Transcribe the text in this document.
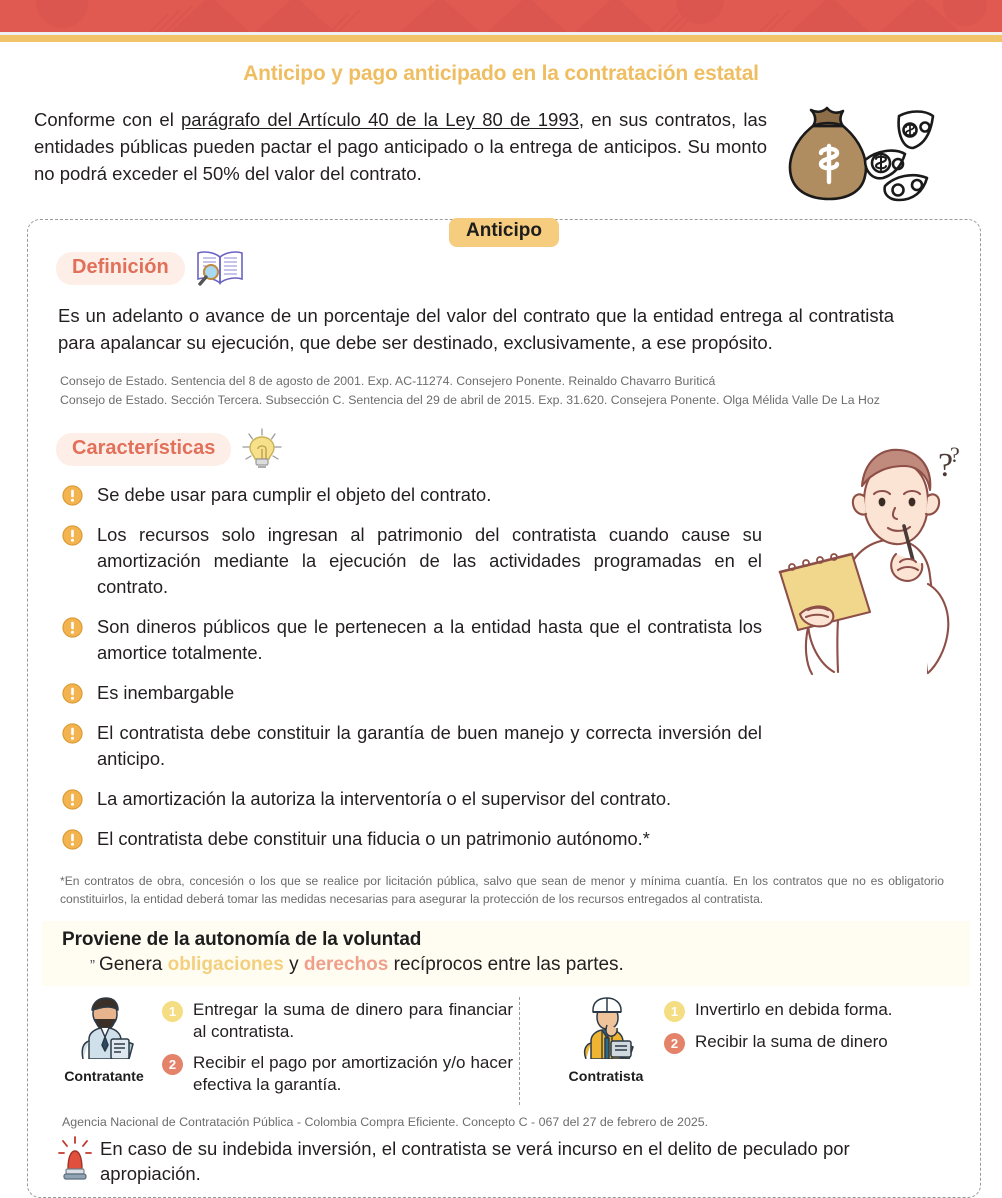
Anticipo y pago anticipado en la contratación estatal
Conforme con el parágrafo del Artículo 40 de la Ley 80 de 1993, en sus contratos, las entidades públicas pueden pactar el pago anticipado o la entrega de anticipos. Su monto no podrá exceder el 50% del valor del contrato.
Anticipo
Definición
Es un adelanto o avance de un porcentaje del valor del contrato que la entidad entrega al contratista para apalancar su ejecución, que debe ser destinado, exclusivamente, a ese propósito.
Consejo de Estado. Sentencia del 8 de agosto de 2001. Exp. AC-11274. Consejero Ponente. Reinaldo Chavarro Buriticá
Consejo de Estado. Sección Tercera. Subsección C. Sentencia del 29 de abril de 2015. Exp. 31.620. Consejera Ponente. Olga Mélida Valle De La Hoz
Características	?
?
Se debe usar para cumplir el objeto del contrato.
Los recursos solo ingresan al patrimonio del contratista cuando cause su amortización mediante la ejecución de las actividades programadas en el contrato.
Son dineros públicos que le pertenecen a la entidad hasta que el contratista los amortice totalmente.
Es inembargable
El contratista debe constituir la garantía de buen manejo y correcta inversión del anticipo.
La amortización la autoriza la interventoría o el supervisor del contrato.
El contratista debe constituir una fiducia o un patrimonio autónomo.*
*En contratos de obra, concesión o los que se realice por licitación pública, salvo que sean de menor y mínima cuantía. En los contratos que no es obligatorio constituirlos, la entidad deberá tomar las medidas necesarias para asegurar la protección de los recursos entregados al contratista.
Proviene de la autonomía de la voluntad
” Genera obligaciones y derechos recíprocos entre las partes.
Contratante
1 Entregar la suma de dinero para financiar al contratista.
2 Recibir el pago por amortización y/o hacer efectiva la garantía.	Contratista
1 Invertirlo en debida forma.
2 Recibir la suma de dinero
Agencia Nacional de Contratación Pública - Colombia Compra Eficiente. Concepto C - 067 del 27 de febrero de 2025.
En caso de su indebida inversión, el contratista se verá incurso en el delito de peculado por apropiación.
